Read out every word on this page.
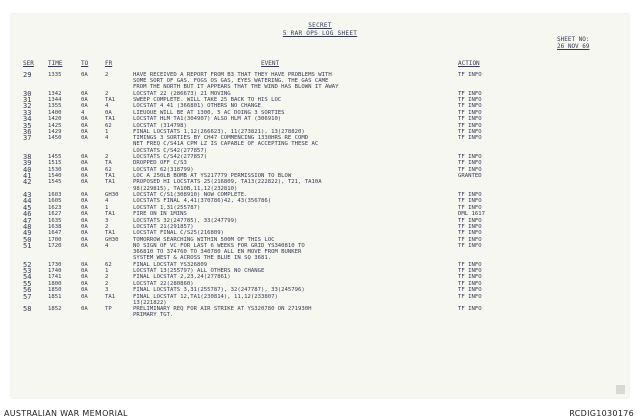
SECRET
5 RAR OPS LOG SHEET
SHEET NO:
26 NOV 69
SER TIME	TO	FR	EVENT	ACTION
29	1335	0A	2	HAVE RECEIVED A REPORT FROM B3 THAT THEY HAVE PROBLEMS WITH
SOME SORT OF GAS. FOGS OS GAS, EYES WATERING. THE GAS CAME
FROM THE NORTH BUT IT APPEARS THAT THE WIND HAS BLOWN IT AWAY
TF INFO
30	1342	0A	2	LOCSTAT 22 (286673) 21 MOVING	TF INFO
31	1344	0A	TA1	SWEEP COMPLETE. WILL TAKE 25 BACK TO HIS LOC	TF INFO
32	1355	0A	4	LOCSTAT 4 41 (366801) OTHERS NO CHANGE	TF INFO
33	1400	4	0A	LIEUOUE WILL BE AT 1300, 5 AC DOING 3 SORTIES	TF INFO
34	1420	0A	TA1	LOCSTAT HLM TA1(304907) ALSO HLM AT (306910)	TF INFO
35	1425	0A	62	LOCSTAT (314798)	TF INFO
36	1429	0A	1	FINAL LOCSTATS 1,12(266623), 11(273821), 13(278820)	TF INFO
37	1450	0A	4	TIMINGS 3 SORTIES BY CH47 COMMENCING 1330HRS RE COMD
NET FREQ C/S41A CPM LZ IS CAPABLE OF ACCEPTING THESE AC
LOCSTATS C/S42(277857)
TF INFO
38	1455	0A	2	LOCSTATS C/S42(277857)	TF INFO
39	1515	0A	TA	DROPPED OFF C/S3	TF INFO
40	1530	0A	62	LOCSTAT 62(318799)	TF INFO
41	1540	0A	TA1	LOC A 250LB BOMB AT YS217779 PERMISSION TO BLOW	GRANTED
42	1545	0A	TA1	PROPOSED HI LOCSTATS 25(216809, TA13(222822), T21, TA10A
98(229815), TA10B,11,12(232810)
43	1603	0A	GH30	LOCSTAT C/S1(308910) NOW COMPLETE.	TF INFO
44	1605	0A	4	LOCSTATS FINAL 4,41(370786)42, 43(356786)	TF INFO
45	1623	0A	1	LOCSTAT 1,31(255787)	TF INFO
46	1627	0A	TA1	FIRE ON IN 1MINS	DML 1617
47	1635	0A	3	LOCSTATS 32(247785), 33(247799)	TF INFO
48	1638	0A	2	LOCSTAT 21(291857)	TF INFO
49	1647	0A	TA1	LOCSTAT FINAL C/S25(216809)	TF INFO
50	1700	0A	GH30	TOMORROW SEARCHING WITHIN 500M OF THIS LOC	TF INFO
51	1720	0A	4	NO SIGN OF VC FOR LAST 6 WEEKS FOR GRID YS340810 TO
366810 TO 374760 TO 340780 ALL EN MOVE FROM BUNKER
SYSTEM WEST & ACROSS THE BLUE IN SQ 3681.
TF INFO
52	1730	0A	62	FINAL LOCSTAT YS326809	TF INFO
53	1740	0A	1	LOCSTAT 13(255797) ALL OTHERS NO CHANGE	TF INFO
54	1741	0A	2	FINAL LOCSTAT 2,23,24(277861)	TF INFO
55	1800	0A	2	LOCSTAT 22(280860)	TF INFO
56	1850	0A	3	FINAL LOCSTATS 3,31(255787), 32(247787), 33(245796)	TF INFO
57	1851	0A	TA1	FINAL LOCSTAT 12,TA1(230814), 11,12(233807)
13(221822)
TF INFO
58	1852	0A	TP	PRELIMINARY REQ FOR AIR STRIKE AT YS320780 ON 271930H
PRIMARY TGT.
TF INFO
AUSTRALIAN WAR MEMORIAL	RCDIG1030176
